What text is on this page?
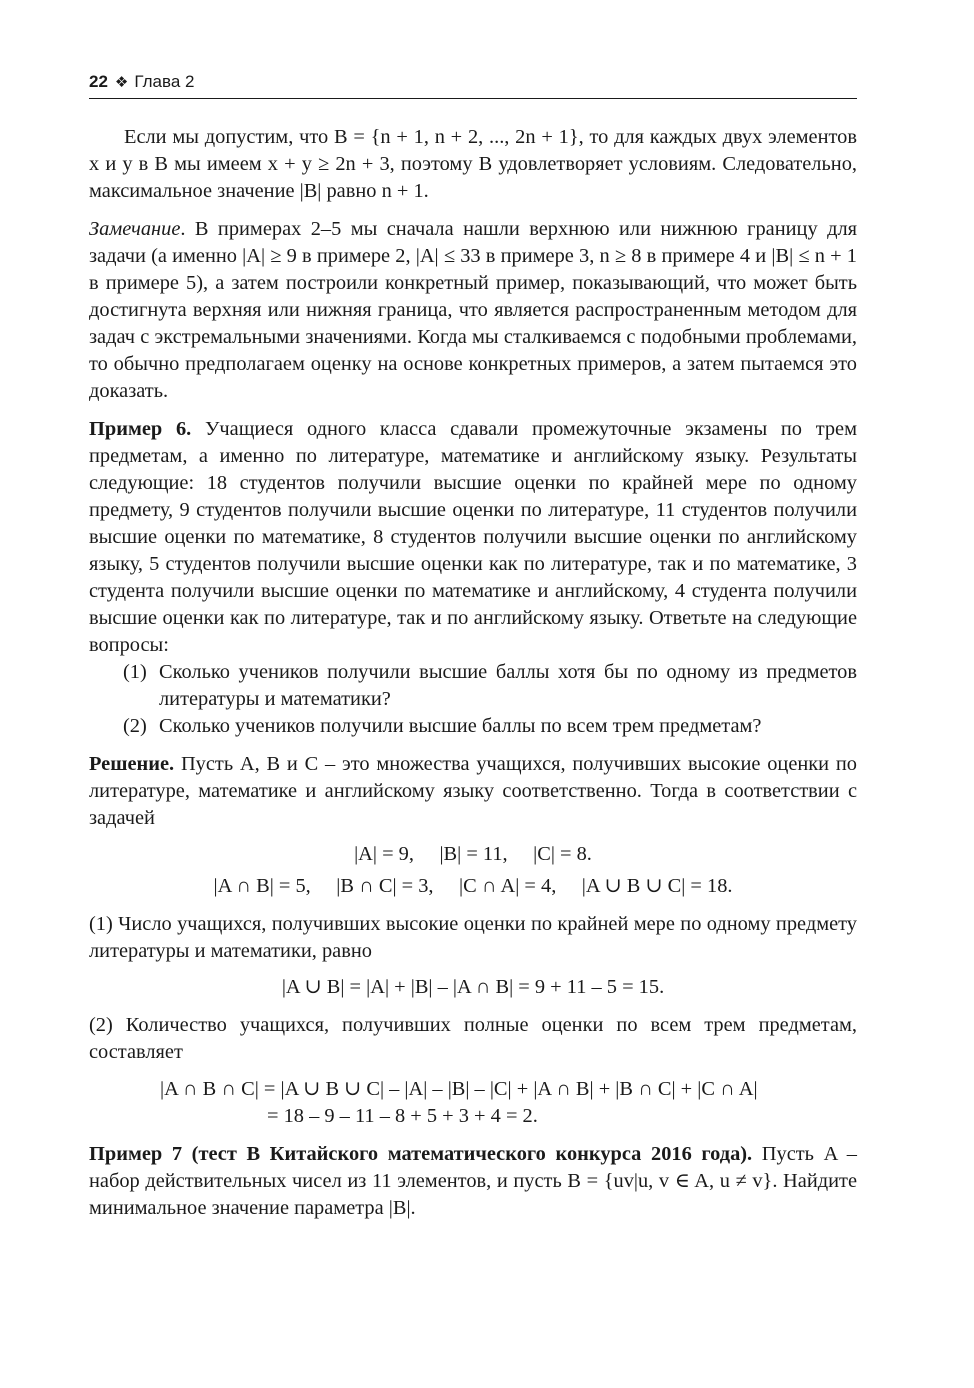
22 ❖ Глава 2

Если мы допустим, что B = {n + 1, n + 2, ..., 2n + 1}, то для каждых двух элементов x и y в B мы имеем x + y ≥ 2n + 3, поэтому B удовлетворяет условиям. Следовательно, максимальное значение |B| равно n + 1.

Замечание. В примерах 2–5 мы сначала нашли верхнюю или нижнюю границу для задачи (а именно |A| ≥ 9 в примере 2, |A| ≤ 33 в примере 3, n ≥ 8 в примере 4 и |B| ≤ n + 1 в примере 5), а затем построили конкретный пример, показывающий, что может быть достигнута верхняя или нижняя граница, что является распространенным методом для задач с экстремальными значениями. Когда мы сталкиваемся с подобными проблемами, то обычно предполагаем оценку на основе конкретных примеров, а затем пытаемся это доказать.

Пример 6. Учащиеся одного класса сдавали промежуточные экзамены по трем предметам, а именно по литературе, математике и английскому языку. Результаты следующие: 18 студентов получили высшие оценки по крайней мере по одному предмету, 9 студентов получили высшие оценки по литературе, 11 студентов получили высшие оценки по математике, 8 студентов получили высшие оценки по английскому языку, 5 студентов получили высшие оценки как по литературе, так и по математике, 3 студента получили высшие оценки по математике и английскому, 4 студента получили высшие оценки как по литературе, так и по английскому языку. Ответьте на следующие вопросы:

(1) Сколько учеников получили высшие баллы хотя бы по одному из предметов литературы и математики?
(2) Сколько учеников получили высшие баллы по всем трем предметам?

Решение. Пусть A, B и C – это множества учащихся, получивших высокие оценки по литературе, математике и английскому языку соответственно. Тогда в соответствии с задачей

|A| = 9,     |B| = 11,     |C| = 8.
|A ∩ B| = 5,     |B ∩ C| = 3,     |C ∩ A| = 4,     |A ∪ B ∪ C| = 18.

(1) Число учащихся, получивших высокие оценки по крайней мере по одному предмету литературы и математики, равно

|A ∪ B| = |A| + |B| – |A ∩ B| = 9 + 11 – 5 = 15.

(2) Количество учащихся, получивших полные оценки по всем трем предметам, составляет

|A ∩ B ∩ C| = |A ∪ B ∪ C| – |A| – |B| – |C| + |A ∩ B| + |B ∩ C| + |C ∩ A|
= 18 – 9 – 11 – 8 + 5 + 3 + 4 = 2.

Пример 7 (тест В Китайского математического конкурса 2016 года). Пусть A – набор действительных чисел из 11 элементов, и пусть B = {uv|u, v ∈ A, u ≠ v}. Найдите минимальное значение параметра |B|.
